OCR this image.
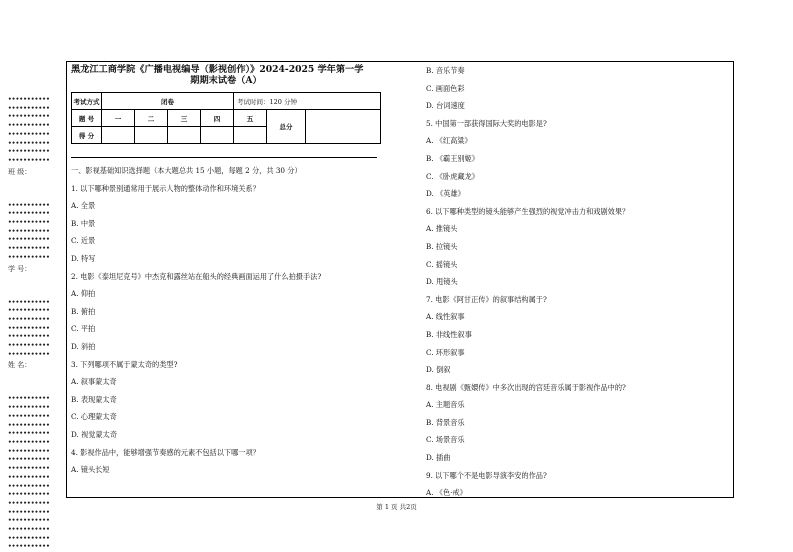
•••••••••••
•••••••••••
•••••••••••
•••••••••••
•••••••••••
•••••••••••
•••••••••••
•••••••••••
班 级：
•••••••••••
•••••••••••
•••••••••••
•••••••••••
•••••••••••
•••••••••••
•••••••••••
学 号：
•••••••••••
•••••••••••
•••••••••••
•••••••••••
•••••••••••
•••••••••••
•••••••••••
姓 名：
•••••••••••
•••••••••••
•••••••••••
•••••••••••
•••••••••••
•••••••••••
•••••••••••
•••••••••••
•••••••••••
•••••••••••
•••••••••••
•••••••••••
•••••••••••
•••••••••••
•••••••••••
•••••••••••
•••••••••••
•••••••••••
黑龙江工商学院《广播电视编导（影视创作）》2024-2025 学年第一学
期期末试卷（A）
考试方式	闭卷				考试时间：120 分钟		
题 号	一	二	三	四	五	总分	
得 分							
一、影视基础知识选择题（本大题总共 15 小题，每题 2 分，共 30 分）
1. 以下哪种景别通常用于展示人物的整体动作和环境关系？
A. 全景
B. 中景
C. 近景
D. 特写
2. 电影《泰坦尼克号》中杰克和露丝站在船头的经典画面运用了什么拍摄手法?
A. 仰拍
B. 俯拍
C. 平拍
D. 斜拍
3. 下列哪项不属于蒙太奇的类型?
A. 叙事蒙太奇
B. 表现蒙太奇
C. 心理蒙太奇
D. 视觉蒙太奇
4. 影视作品中，能够增强节奏感的元素不包括以下哪一项？
A. 镜头长短
B. 音乐节奏
C. 画面色彩
D. 台词速度
5. 中国第一部获得国际大奖的电影是?
A. 《红高粱》
B. 《霸王别姬》
C. 《卧虎藏龙》
D. 《英雄》
6. 以下哪种类型的镜头能够产生强烈的视觉冲击力和戏剧效果？
A. 推镜头
B. 拉镜头
C. 摇镜头
D. 甩镜头
7. 电影《阿甘正传》的叙事结构属于?
A. 线性叙事
B. 非线性叙事
C. 环形叙事
D. 倒叙
8. 电视剧《甄嬛传》中多次出现的宫廷音乐属于影视作品中的?
A. 主题音乐
B. 背景音乐
C. 场景音乐
D. 插曲
9. 以下哪个不是电影导演李安的作品?
A. 《色·戒》
第 1 页 共2页
